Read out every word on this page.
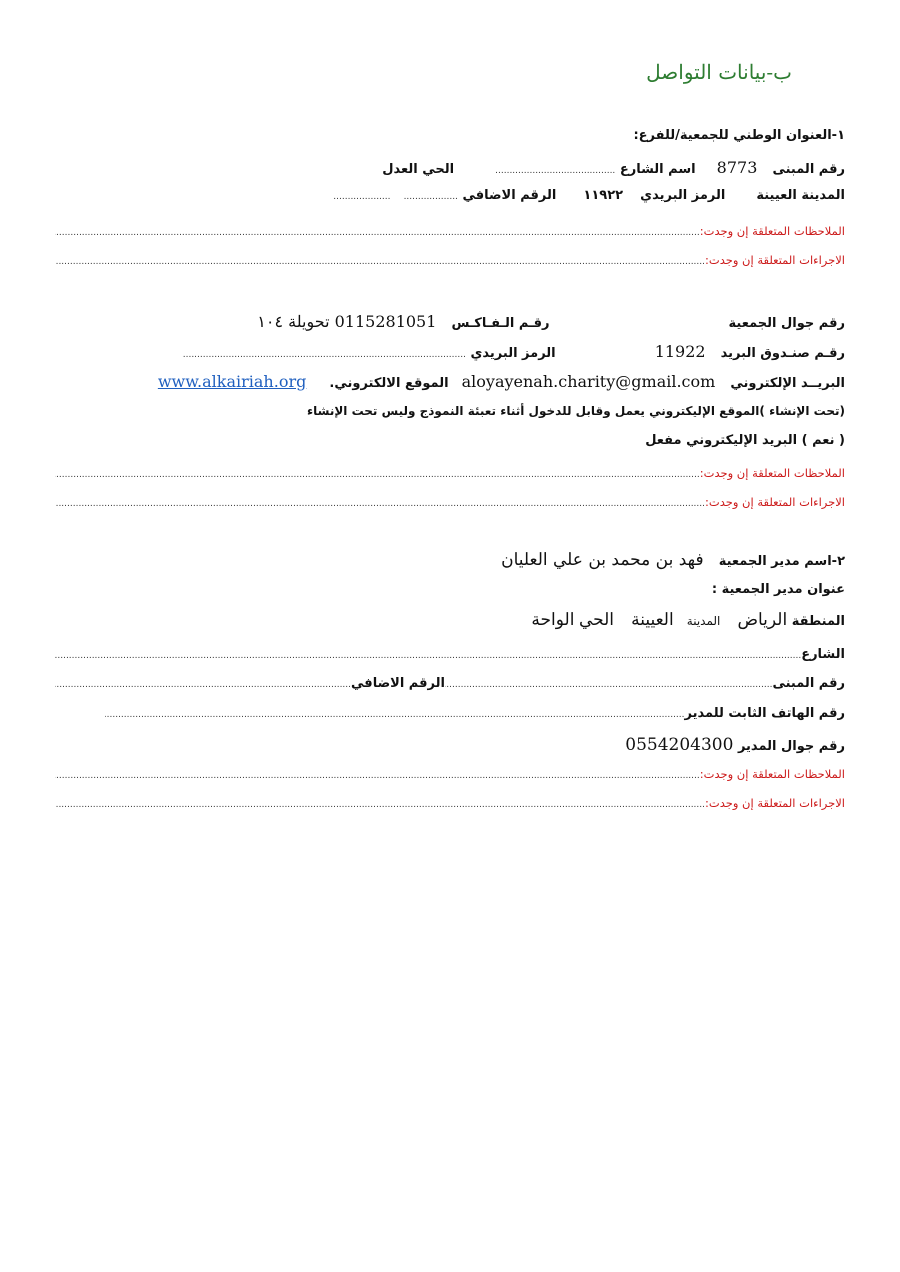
ب-بيانات التواصل
١-العنوان الوطني للجمعية/للفرع:
رقم المبنى  8773  اسم الشارع ..........................................  الحي العدل
المدينة العيينة  الرمز البريدي  ١١٩٢٢  الرقم الاضافي ...................  ....................
الملاحظات المتعلقة إن وجدت:
.....
الاجراءات المتعلقة إن وجدت:
.....
رقم جوال الجمعية  رقـم الـفـاكـس  0115281051 تحويلة ١٠٤
رقـم صنـدوق البريد  11922  الرمز البريدي ...................................................................................................
البريــد الإلكتروني  aloyayenah.charity@gmail.com  الموقع الالكتروني.  www.alkairiah.org
(تحت الإنشاء )الموقع الإليكتروني يعمل وقابل للدخول أثناء تعبئة النموذج وليس تحت الإنشاء
( نعم ) البريد الإليكتروني مفعل
الملاحظات المتعلقة إن وجدت:
.....
الاجراءات المتعلقة إن وجدت:
.....
٢-اسم مدير الجمعية  فهد بن محمد بن علي العليان
عنوان مدير الجمعية :
المنطقة الرياض  المدينة  العيينة  الحي الواحة
الشارع
.....
رقم المبنى
...........
.....
الرقم الاضافي
.....
رقم الهاتف الثابت للمدير
.....
رقم جوال المدير 0554204300
الملاحظات المتعلقة إن وجدت:
.....
الاجراءات المتعلقة إن وجدت:
.....
